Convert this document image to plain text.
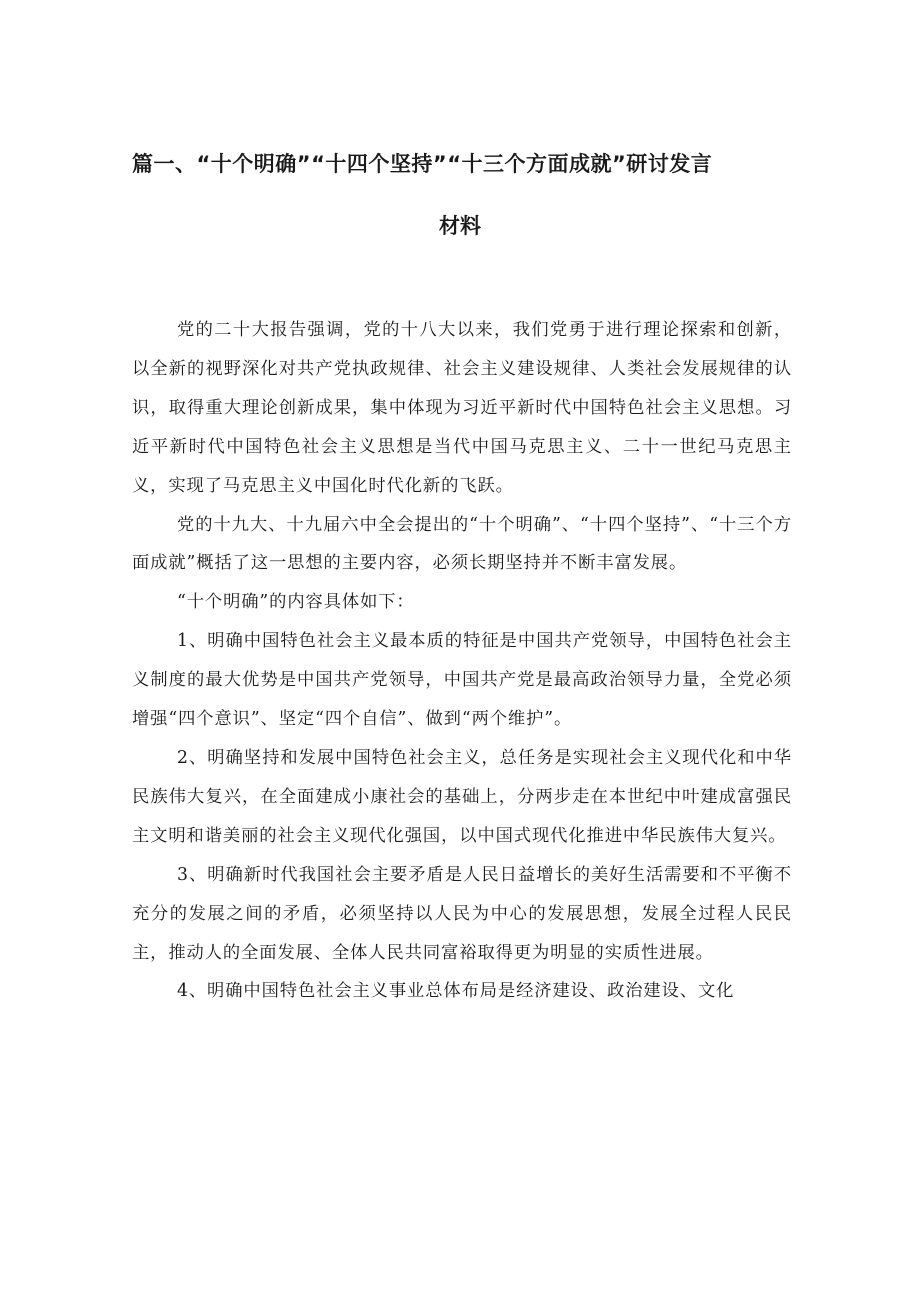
篇一、“十个明确”“十四个坚持”“十三个方面成就”研讨发言
材料

党的二十大报告强调，党的十八大以来，我们党勇于进行理论探索和创新，以全新的视野深化对共产党执政规律、社会主义建设规律、人类社会发展规律的认识，取得重大理论创新成果，集中体现为习近平新时代中国特色社会主义思想。习近平新时代中国特色社会主义思想是当代中国马克思主义、二十一世纪马克思主义，实现了马克思主义中国化时代化新的飞跃。

党的十九大、十九届六中全会提出的“十个明确”、“十四个坚持”、“十三个方面成就”概括了这一思想的主要内容，必须长期坚持并不断丰富发展。

“十个明确”的内容具体如下：

1、明确中国特色社会主义最本质的特征是中国共产党领导，中国特色社会主义制度的最大优势是中国共产党领导，中国共产党是最高政治领导力量，全党必须增强“四个意识”、坚定“四个自信”、做到“两个维护”。

2、明确坚持和发展中国特色社会主义，总任务是实现社会主义现代化和中华民族伟大复兴，在全面建成小康社会的基础上，分两步走在本世纪中叶建成富强民主文明和谐美丽的社会主义现代化强国，以中国式现代化推进中华民族伟大复兴。

3、明确新时代我国社会主要矛盾是人民日益增长的美好生活需要和不平衡不充分的发展之间的矛盾，必须坚持以人民为中心的发展思想，发展全过程人民民主，推动人的全面发展、全体人民共同富裕取得更为明显的实质性进展。

4、明确中国特色社会主义事业总体布局是经济建设、政治建设、文化
